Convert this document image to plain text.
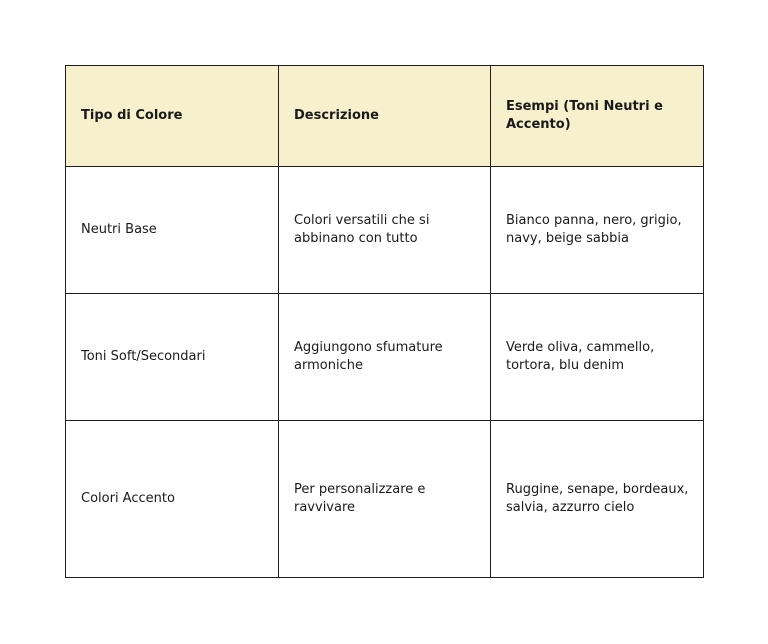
Tipo di Colore	Descrizione	Esempi (Toni Neutri e Accento)
Neutri Base	Colori versatili che si abbinano con tutto	Bianco panna, nero, grigio, navy, beige sabbia
Toni Soft/Secondari	Aggiungono sfumature armoniche	Verde oliva, cammello, tortora, blu denim
Colori Accento	Per personalizzare e ravvivare	Ruggine, senape, bordeaux, salvia, azzurro cielo
